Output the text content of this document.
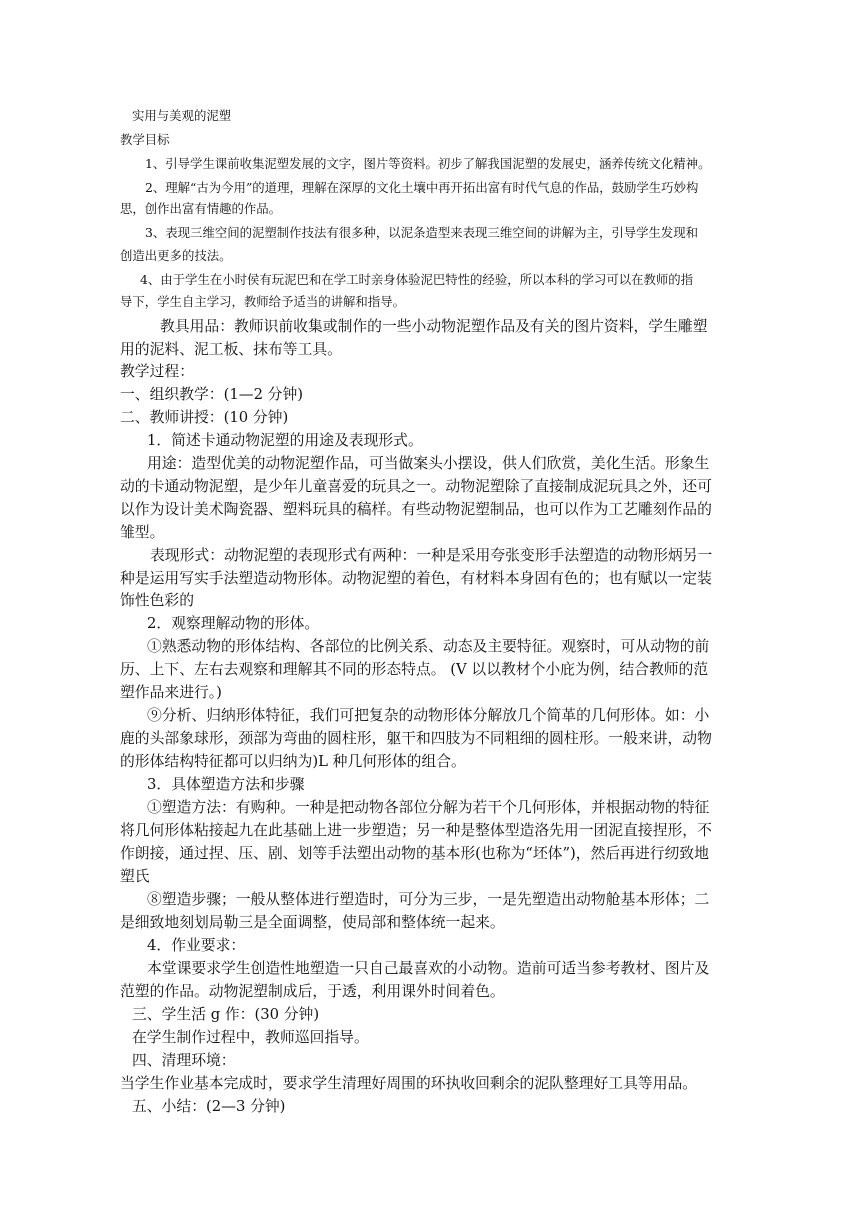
实用与美观的泥塑

教学目标

1、引导学生课前收集泥塑发展的文字，图片等资料。初步了解我国泥塑的发展史，涵养传统文化精神。

2、理解“古为今用”的道理，理解在深厚的文化土壤中再开拓出富有时代气息的作品，鼓励学生巧妙构

思，创作出富有情趣的作品。

3、表现三维空间的泥塑制作技法有很多种，以泥条造型来表现三维空间的讲解为主，引导学生发现和

创造出更多的技法。

4、由于学生在小时侯有玩泥巴和在学工时亲身体验泥巴特性的经验，所以本科的学习可以在教师的指

导下，学生自主学习，教师给予适当的讲解和指导。

教具用品：教师识前收集或制作的一些小动物泥塑作品及有关的图片资料，学生雕塑

用的泥料、泥工板、抹布等工具。

教学过程：

一、组织教学：(1—2 分钟)

二、教师讲授：(10 分钟)

1．简述卡通动物泥塑的用途及表现形式。

用途：造型优美的动物泥塑作品，可当做案头小摆设，供人们欣赏，美化生活。形象生

动的卡通动物泥塑，是少年儿童喜爱的玩具之一。动物泥塑除了直接制成泥玩具之外，还可

以作为设计美术陶瓷器、塑料玩具的稿样。有些动物泥塑制品，也可以作为工艺雕刻作品的

雏型。

表现形式：动物泥塑的表现形式有两种：一种是采用夸张变形手法塑造的动物形炳另一

种是运用写实手法塑造动物形体。动物泥塑的着色，有材料本身固有色的；也有赋以一定装

饰性色彩的

2．观察理解动物的形体。

①熟悉动物的形体结构、各部位的比例关系、动态及主要特征。观察时，可从动物的前

历、上下、左右去观察和理解其不同的形态特点。 (V 以以教材个小庇为例，结合教师的范

塑作品来进行。)

⑨分析、归纳形体特征，我们可把复杂的动物形体分解放几个简革的几何形体。如：小

鹿的头部象球形，颈部为弯曲的圆柱形，躯干和四肢为不同粗细的圆柱形。一般来讲，动物

的形体结构特征都可以归纳为)L 种几何形体的组合。

3．具体塑造方法和步骤

①塑造方法：有购种。一种是把动物各部位分解为若干个几何形体，并根据动物的特征

将几何形体粘接起九在此基础上进一步塑造；另一种是整体型造洛先用一团泥直接捏形，不

作朗接，通过捏、压、剧、划等手法塑出动物的基本形(也称为“坯体”)，然后再进行纫致地

塑氏

⑧塑造步骤；一般从整体进行塑造时，可分为三步，一是先塑造出动物舱基本形体；二

是细致地刻划局勒三是全面调整，使局部和整体统一起来。

4．作业要求：

本堂课要求学生创造性地塑造一只自己最喜欢的小动物。造前可适当参考教材、图片及

范塑的作品。动物泥塑制成后，于透，利用课外时间着色。

三、学生活 g 作：(30 分钟)

在学生制作过程中，教师巡回指导。

四、清理环境：

当学生作业基本完成时，要求学生清理好周围的环执收回剩余的泥队整理好工具等用品。

五、小结：(2—3 分钟)
